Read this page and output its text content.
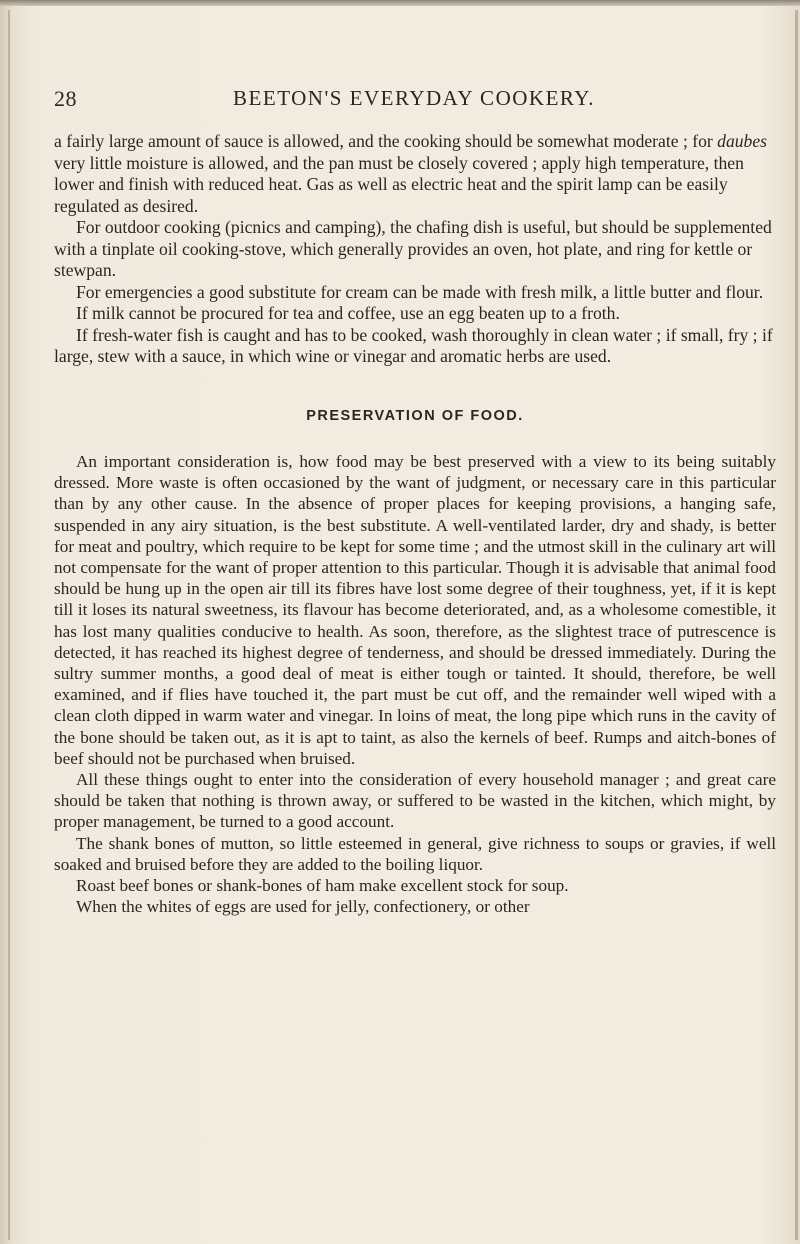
28	BEETON'S EVERYDAY COOKERY.

a fairly large amount of sauce is allowed, and the cooking should be somewhat moderate ; for daubes very little moisture is allowed, and the pan must be closely covered ; apply high temperature, then lower and finish with reduced heat. Gas as well as electric heat and the spirit lamp can be easily regulated as desired.

For outdoor cooking (picnics and camping), the chafing dish is useful, but should be supplemented with a tinplate oil cooking-stove, which generally provides an oven, hot plate, and ring for kettle or stewpan.

For emergencies a good substitute for cream can be made with fresh milk, a little butter and flour.

If milk cannot be procured for tea and coffee, use an egg beaten up to a froth.

If fresh-water fish is caught and has to be cooked, wash thoroughly in clean water ; if small, fry ; if large, stew with a sauce, in which wine or vinegar and aromatic herbs are used.

PRESERVATION OF FOOD.

An important consideration is, how food may be best preserved with a view to its being suitably dressed. More waste is often occasioned by the want of judgment, or necessary care in this particular than by any other cause. In the absence of proper places for keeping provisions, a hanging safe, suspended in any airy situation, is the best substitute. A well-ventilated larder, dry and shady, is better for meat and poultry, which require to be kept for some time ; and the utmost skill in the culinary art will not compensate for the want of proper attention to this particular. Though it is advisable that animal food should be hung up in the open air till its fibres have lost some degree of their toughness, yet, if it is kept till it loses its natural sweetness, its flavour has become deteriorated, and, as a wholesome comestible, it has lost many qualities conducive to health. As soon, therefore, as the slightest trace of putrescence is detected, it has reached its highest degree of tenderness, and should be dressed immediately. During the sultry summer months, a good deal of meat is either tough or tainted. It should, therefore, be well examined, and if flies have touched it, the part must be cut off, and the remainder well wiped with a clean cloth dipped in warm water and vinegar. In loins of meat, the long pipe which runs in the cavity of the bone should be taken out, as it is apt to taint, as also the kernels of beef. Rumps and aitch-bones of beef should not be purchased when bruised.

All these things ought to enter into the consideration of every household manager ; and great care should be taken that nothing is thrown away, or suffered to be wasted in the kitchen, which might, by proper management, be turned to a good account.

The shank bones of mutton, so little esteemed in general, give richness to soups or gravies, if well soaked and bruised before they are added to the boiling liquor.

Roast beef bones or shank-bones of ham make excellent stock for soup.

When the whites of eggs are used for jelly, confectionery, or other
